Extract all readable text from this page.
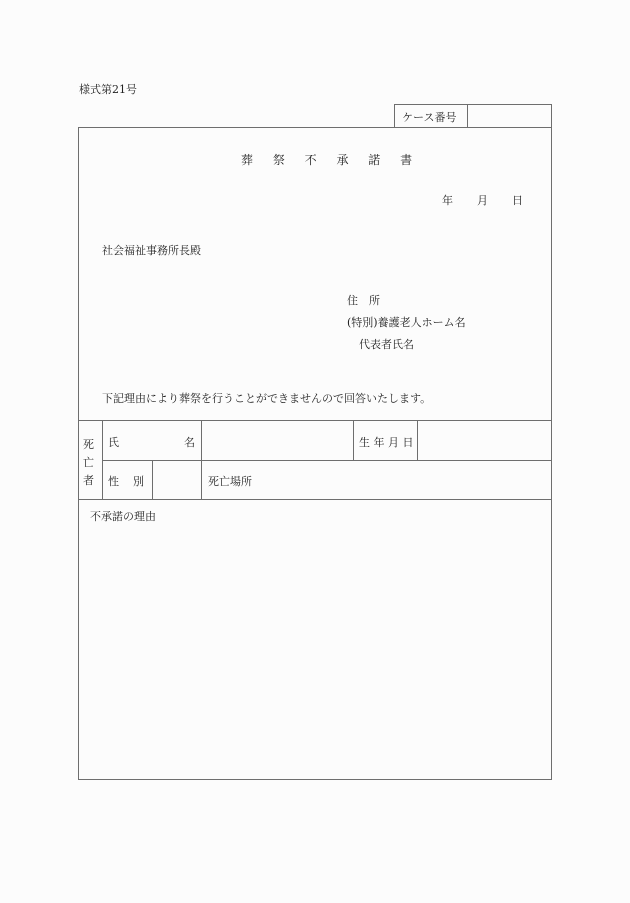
様式第21号
ケース番号
葬 祭 不 承 諾 書
年 月 日
社会福祉事務所長殿
住　所
(特別)養護老人ホーム名
代表者氏名
下記理由により葬祭を行うことができませんので回答いたします。
死
亡
者
氏	名	生 年 月 日
性 別	死亡場所
不承諾の理由
